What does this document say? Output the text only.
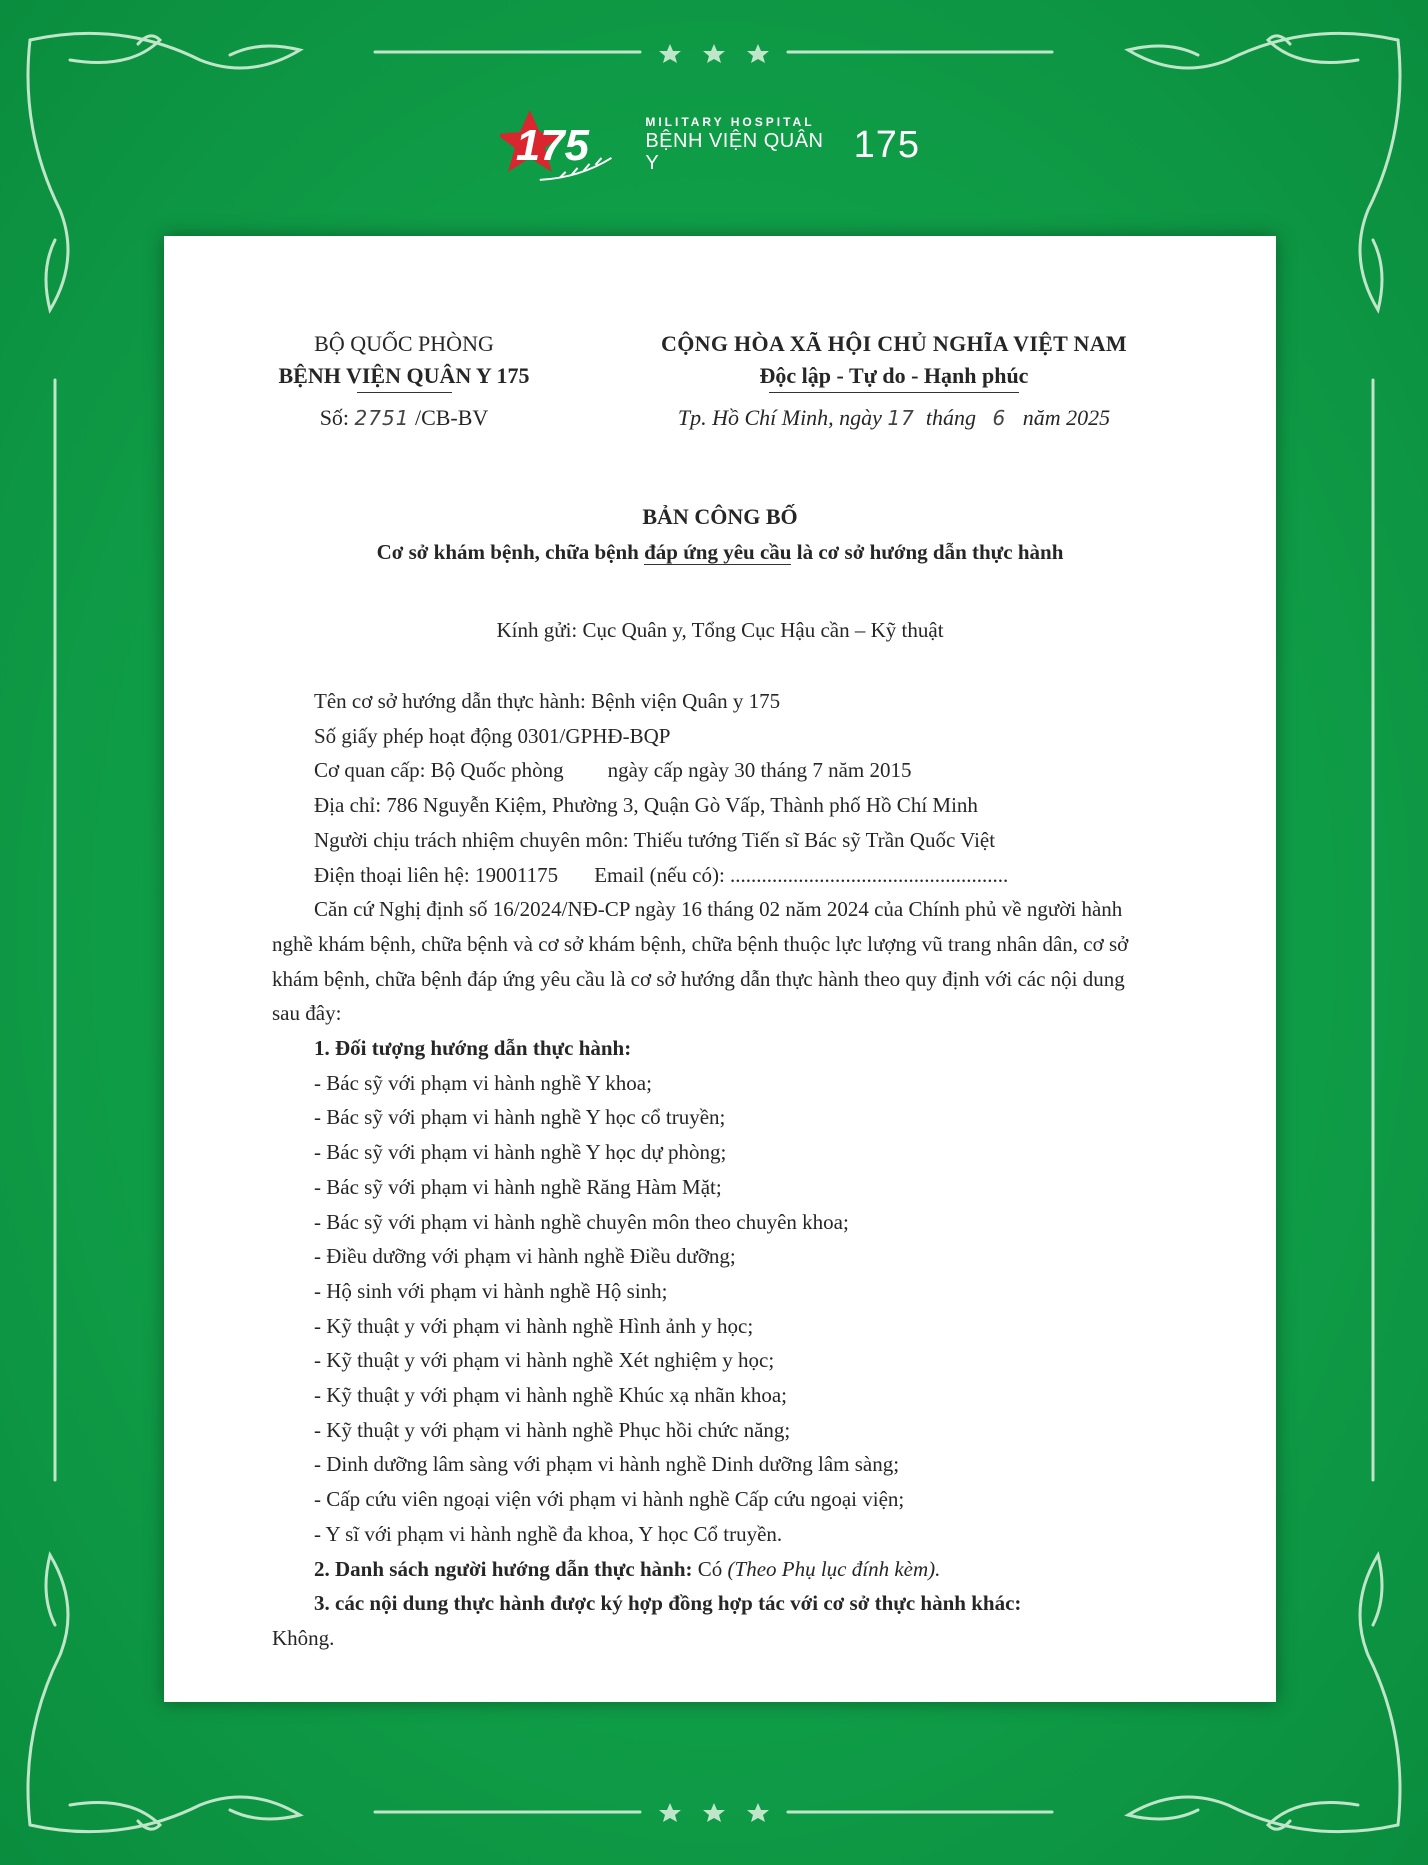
175	MILITARY HOSPITAL
BỆNH VIỆN QUÂN Y	175
BỘ QUỐC PHÒNG
BỆNH VIỆN QUÂN Y 175
Số: 2751 /CB-BV
CỘNG HÒA XÃ HỘI CHỦ NGHĨA VIỆT NAM
Độc lập - Tự do - Hạnh phúc
Tp. Hồ Chí Minh, ngày 17 tháng 6 năm 2025
BẢN CÔNG BỐ
Cơ sở khám bệnh, chữa bệnh đáp ứng yêu cầu là cơ sở hướng dẫn thực hành
Kính gửi: Cục Quân y, Tổng Cục Hậu cần – Kỹ thuật
Tên cơ sở hướng dẫn thực hành: Bệnh viện Quân y 175
Số giấy phép hoạt động 0301/GPHĐ-BQP
Cơ quan cấp: Bộ Quốc phòng ngày cấp ngày 30 tháng 7 năm 2015
Địa chỉ: 786 Nguyễn Kiệm, Phường 3, Quận Gò Vấp, Thành phố Hồ Chí Minh
Người chịu trách nhiệm chuyên môn: Thiếu tướng Tiến sĩ Bác sỹ Trần Quốc Việt
Điện thoại liên hệ: 19001175 Email (nếu có): .....................................................
Căn cứ Nghị định số 16/2024/NĐ-CP ngày 16 tháng 02 năm 2024 của Chính phủ về người hành nghề khám bệnh, chữa bệnh và cơ sở khám bệnh, chữa bệnh thuộc lực lượng vũ trang nhân dân, cơ sở khám bệnh, chữa bệnh đáp ứng yêu cầu là cơ sở hướng dẫn thực hành theo quy định với các nội dung sau đây:
1. Đối tượng hướng dẫn thực hành:
- Bác sỹ với phạm vi hành nghề Y khoa;
- Bác sỹ với phạm vi hành nghề Y học cổ truyền;
- Bác sỹ với phạm vi hành nghề Y học dự phòng;
- Bác sỹ với phạm vi hành nghề Răng Hàm Mặt;
- Bác sỹ với phạm vi hành nghề chuyên môn theo chuyên khoa;
- Điều dưỡng với phạm vi hành nghề Điều dưỡng;
- Hộ sinh với phạm vi hành nghề Hộ sinh;
- Kỹ thuật y với phạm vi hành nghề Hình ảnh y học;
- Kỹ thuật y với phạm vi hành nghề Xét nghiệm y học;
- Kỹ thuật y với phạm vi hành nghề Khúc xạ nhãn khoa;
- Kỹ thuật y với phạm vi hành nghề Phục hồi chức năng;
- Dinh dưỡng lâm sàng với phạm vi hành nghề Dinh dưỡng lâm sàng;
- Cấp cứu viên ngoại viện với phạm vi hành nghề Cấp cứu ngoại viện;
- Y sĩ với phạm vi hành nghề đa khoa, Y học Cổ truyền.
2. Danh sách người hướng dẫn thực hành: Có (Theo Phụ lục đính kèm).
3. các nội dung thực hành được ký hợp đồng hợp tác với cơ sở thực hành khác:
Không.
